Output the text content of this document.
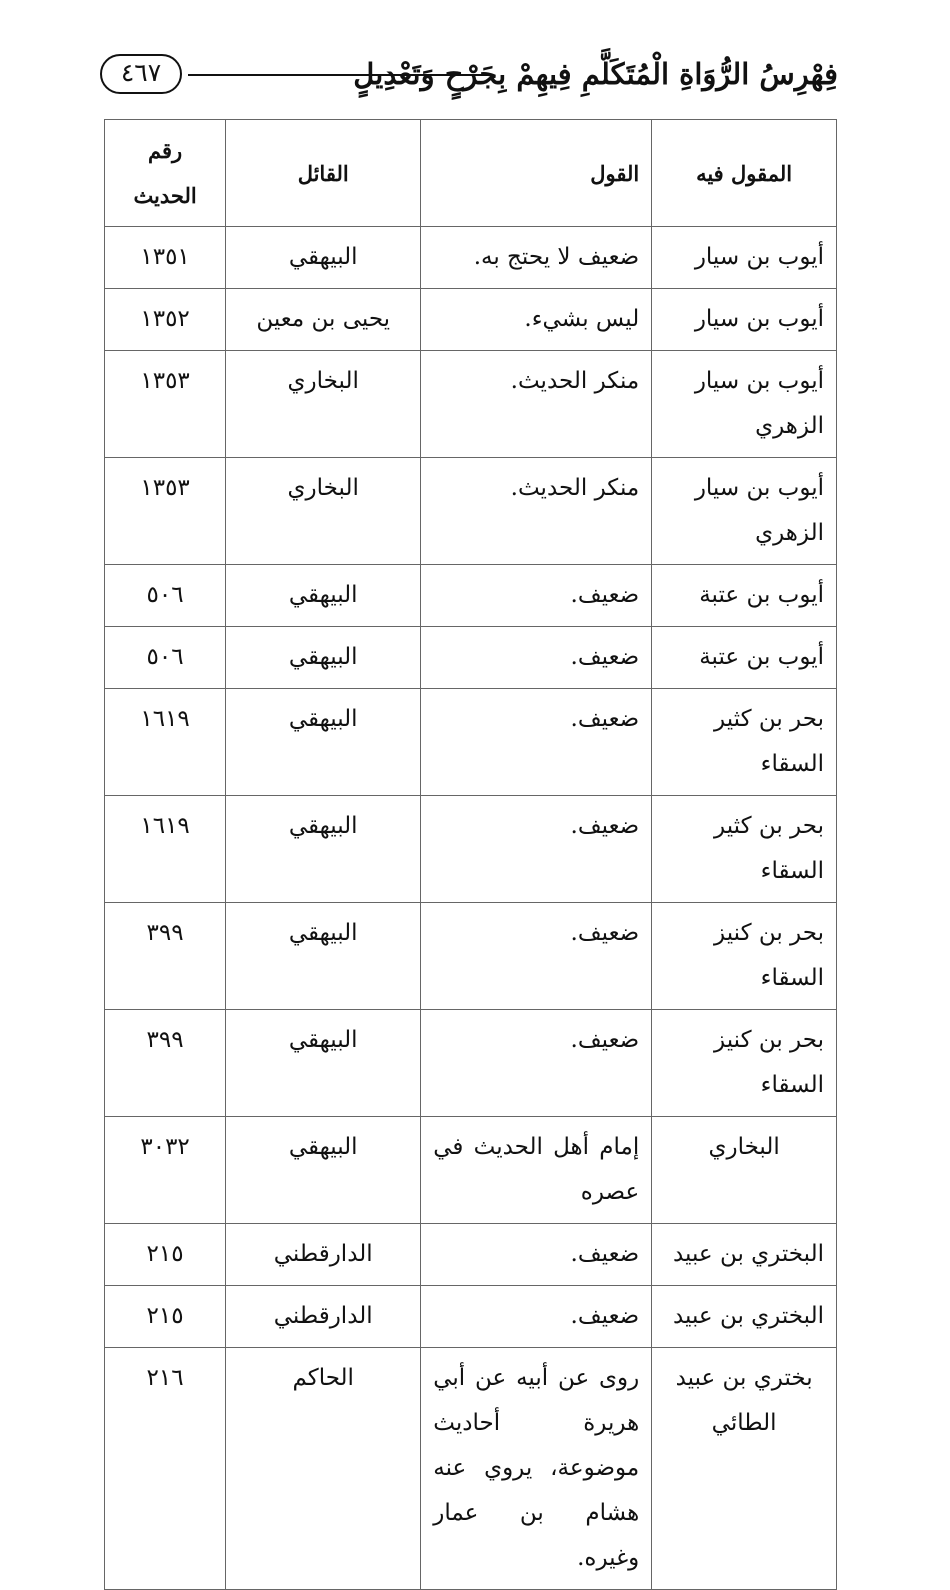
٤٦٧	فِهْرِسُ الرُّوَاةِ الْمُتَكَلَّمِ فِيهِمْ بِجَرْحٍ وَتَعْدِيلٍ
المقول فيه	القول	القائل	رقم الحديث
أيوب بن سيار	ضعيف لا يحتج به.	البيهقي	١٣٥١
أيوب بن سيار	ليس بشيء.	يحيى بن معين	١٣٥٢
أيوب بن سيار الزهري	منكر الحديث.	البخاري	١٣٥٣
أيوب بن سيار الزهري	منكر الحديث.	البخاري	١٣٥٣
أيوب بن عتبة	ضعيف.	البيهقي	٥٠٦
أيوب بن عتبة	ضعيف.	البيهقي	٥٠٦
بحر بن كثير السقاء	ضعيف.	البيهقي	١٦١٩
بحر بن كثير السقاء	ضعيف.	البيهقي	١٦١٩
بحر بن كنيز السقاء	ضعيف.	البيهقي	٣٩٩
بحر بن كنيز السقاء	ضعيف.	البيهقي	٣٩٩
البخاري	إمام أهل الحديث في عصره	البيهقي	٣٠٣٢
البختري بن عبيد	ضعيف.	الدارقطني	٢١٥
البختري بن عبيد	ضعيف.	الدارقطني	٢١٥
بختري بن عبيد الطائي	روى عن أبيه عن أبي هريرة أحاديث موضوعة، يروي عنه هشام بن عمار وغيره.	الحاكم	٢١٦
